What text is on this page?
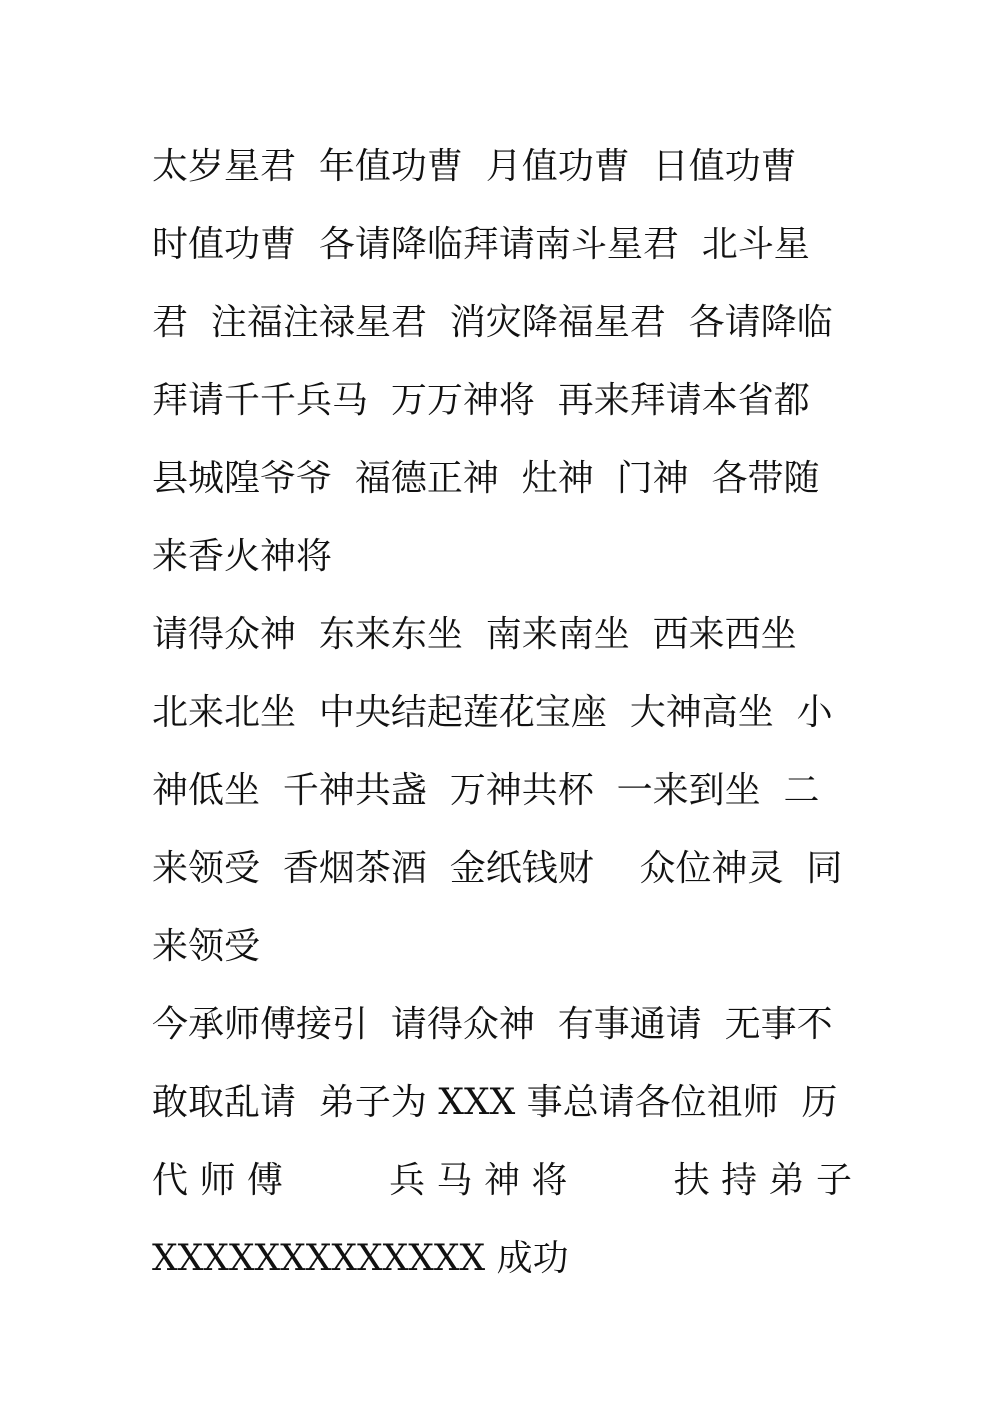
太岁星君  年值功曹  月值功曹  日值功曹
时值功曹  各请降临拜请南斗星君  北斗星
君  注福注禄星君  消灾降福星君  各请降临
拜请千千兵马  万万神将  再来拜请本省都
县城隍爷爷  福德正神  灶神  门神  各带随
来香火神将
请得众神  东来东坐  南来南坐  西来西坐
北来北坐  中央结起莲花宝座  大神高坐  小
神低坐  千神共盏  万神共杯  一来到坐  二
来领受  香烟茶酒  金纸钱财    众位神灵  同
来领受
今承师傅接引  请得众神  有事通请  无事不
敢取乱请  弟子为 XXX 事总请各位祖师  历
代 师 傅	兵 马 神 将	扶 持 弟 子
XXXXXXXXXXXXX 成功
